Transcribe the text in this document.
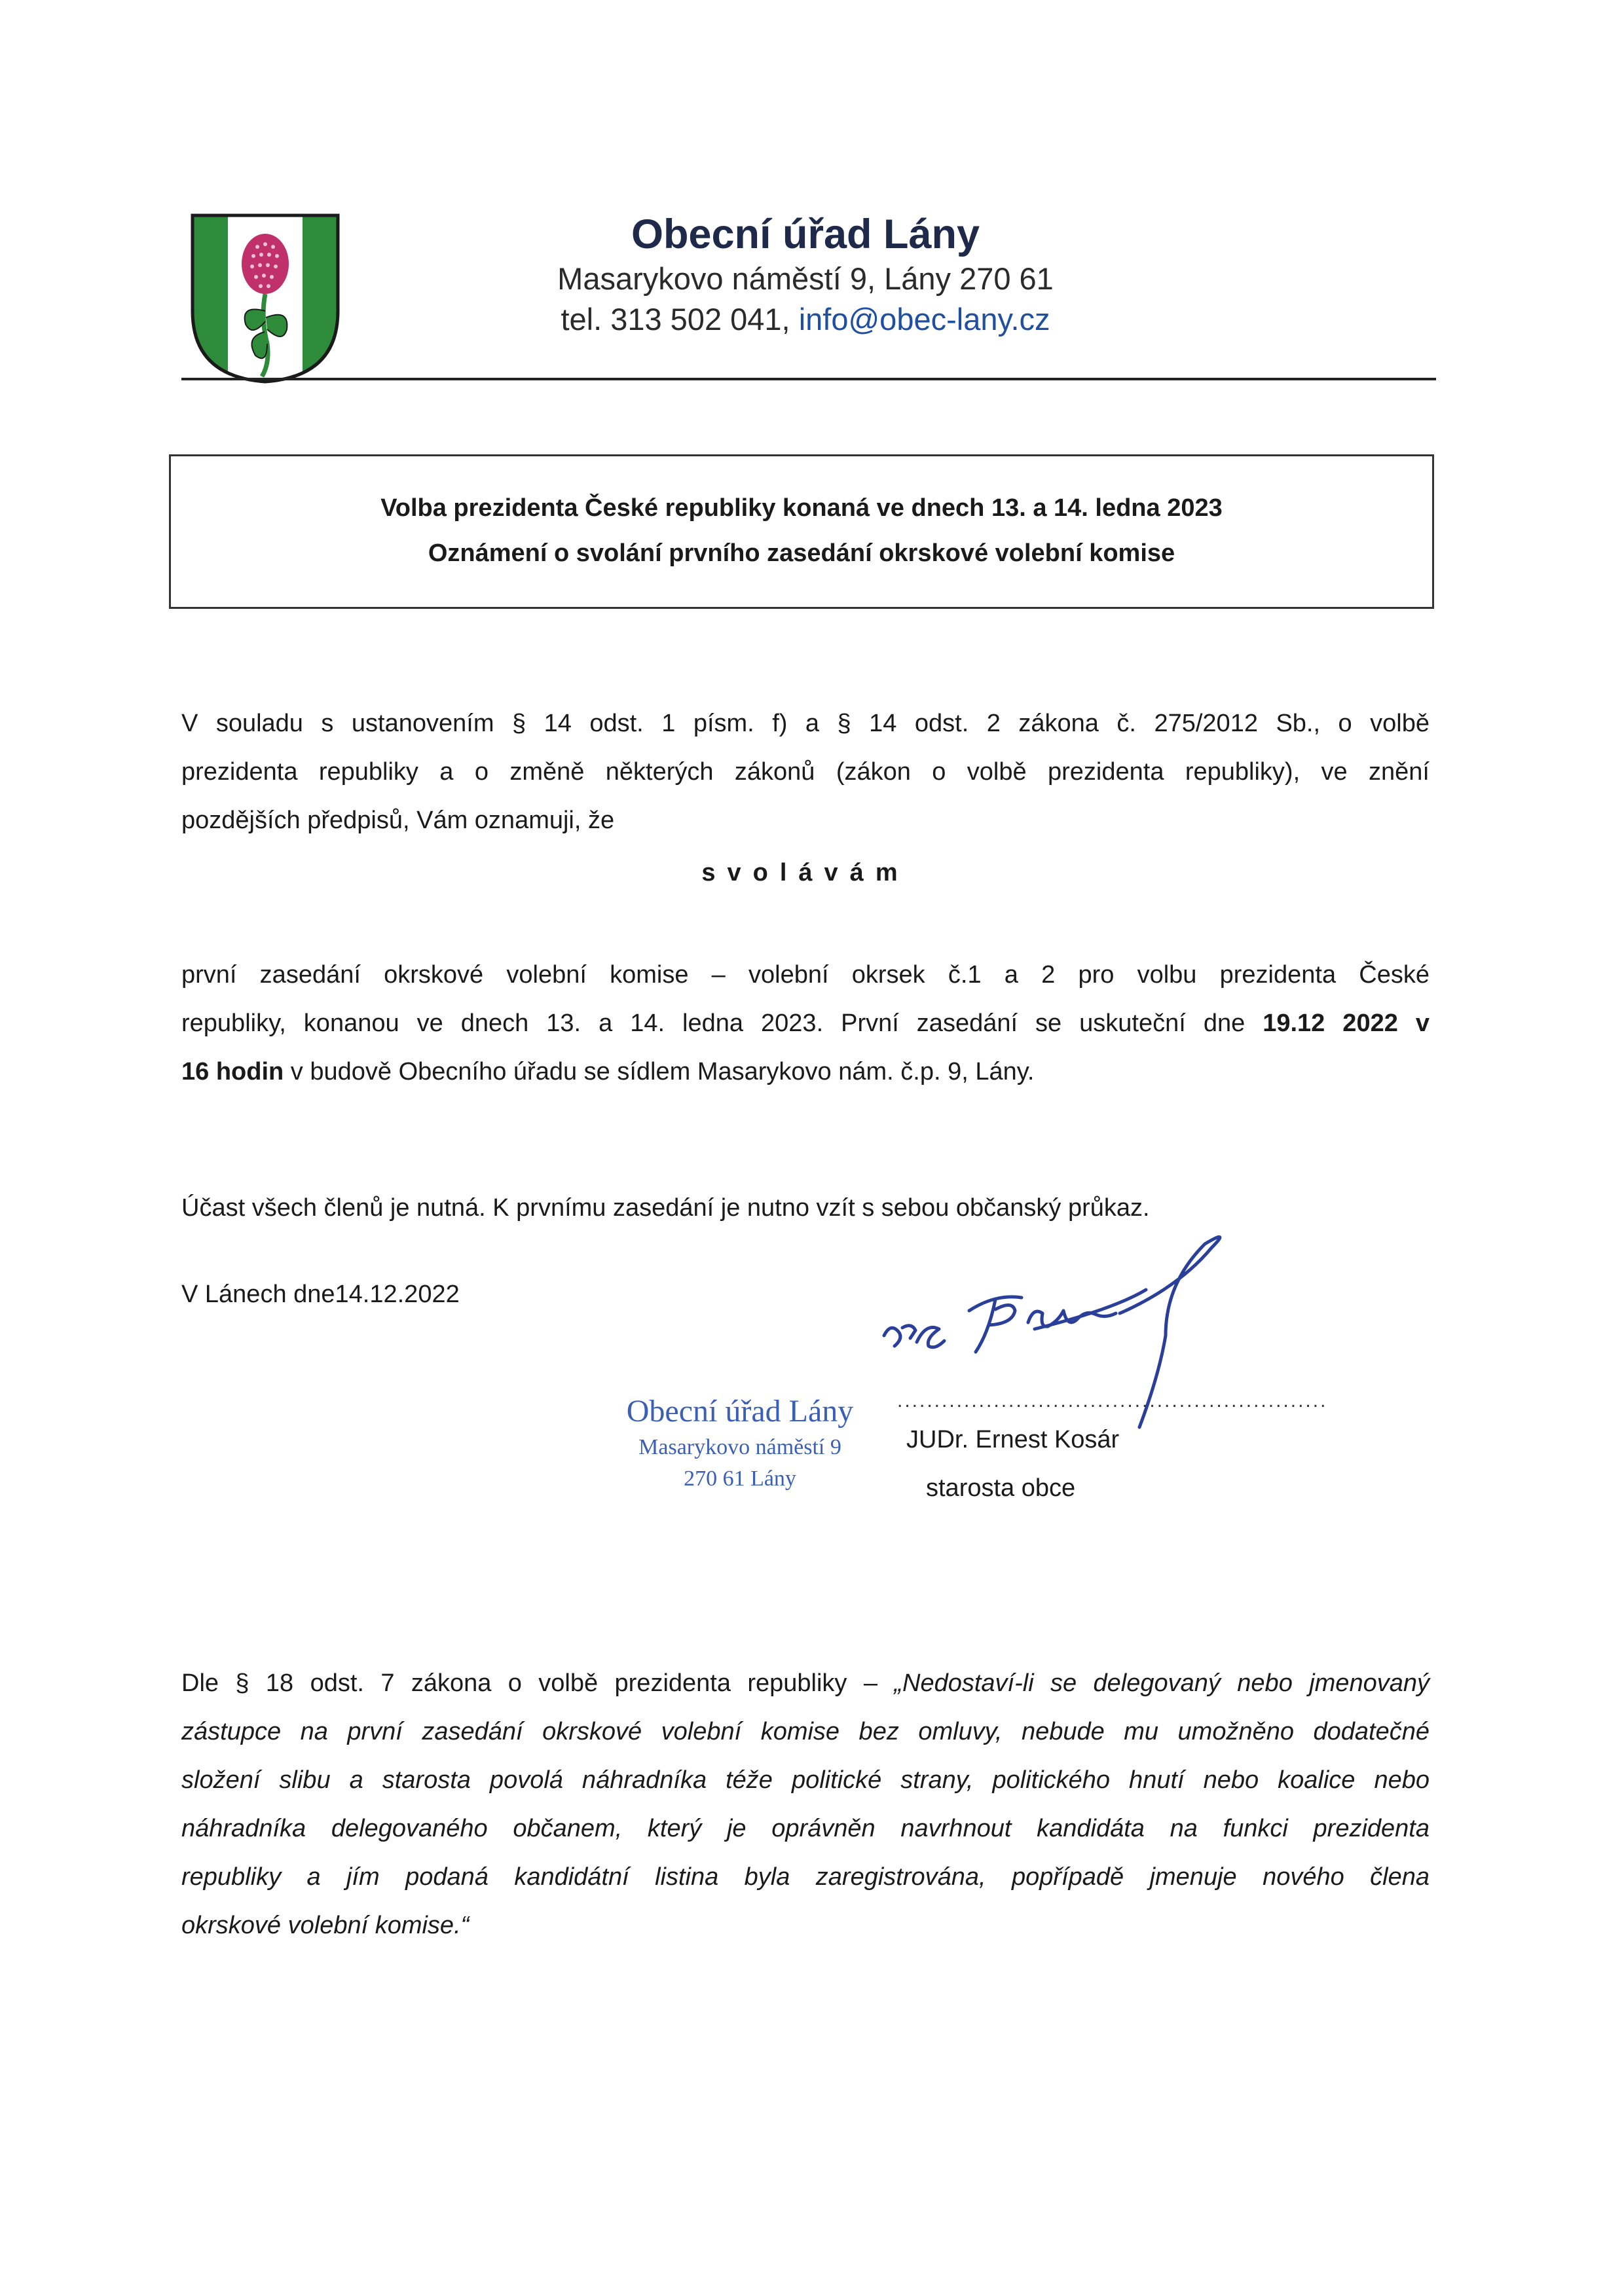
Obecní úřad Lány
Masarykovo náměstí 9, Lány 270 61
tel. 313 502 041, info@obec-lany.cz
Volba prezidenta České republiky konaná ve dnech 13. a 14. ledna 2023
Oznámení o svolání prvního zasedání okrskové volební komise
V souladu s ustanovením § 14 odst. 1 písm. f) a § 14 odst. 2 zákona č. 275/2012 Sb., o volbě
prezidenta republiky a o změně některých zákonů (zákon o volbě prezidenta republiky), ve znění
pozdějších předpisů, Vám oznamuji, že
svolávám
první zasedání okrskové volební komise – volební okrsek č.1 a 2 pro volbu prezidenta České
republiky, konanou ve dnech 13. a 14. ledna 2023. První zasedání se uskuteční dne 19.12 2022 v
16 hodin v budově Obecního úřadu se sídlem Masarykovo nám. č.p. 9, Lány.
Účast všech členů je nutná. K prvnímu zasedání je nutno vzít s sebou občanský průkaz.
V Lánech dne14.12.2022
Obecní úřad Lány
Masarykovo náměstí 9
270 61 Lány
..........................................................
JUDr. Ernest Kosár
starosta obce
Dle § 18 odst. 7 zákona o volbě prezidenta republiky – „Nedostaví-li se delegovaný nebo jmenovaný
zástupce na první zasedání okrskové volební komise bez omluvy, nebude mu umožněno dodatečné
složení slibu a starosta povolá náhradníka téže politické strany, politického hnutí nebo koalice nebo
náhradníka delegovaného občanem, který je oprávněn navrhnout kandidáta na funkci prezidenta
republiky a jím podaná kandidátní listina byla zaregistrována, popřípadě jmenuje nového člena
okrskové volební komise.“
